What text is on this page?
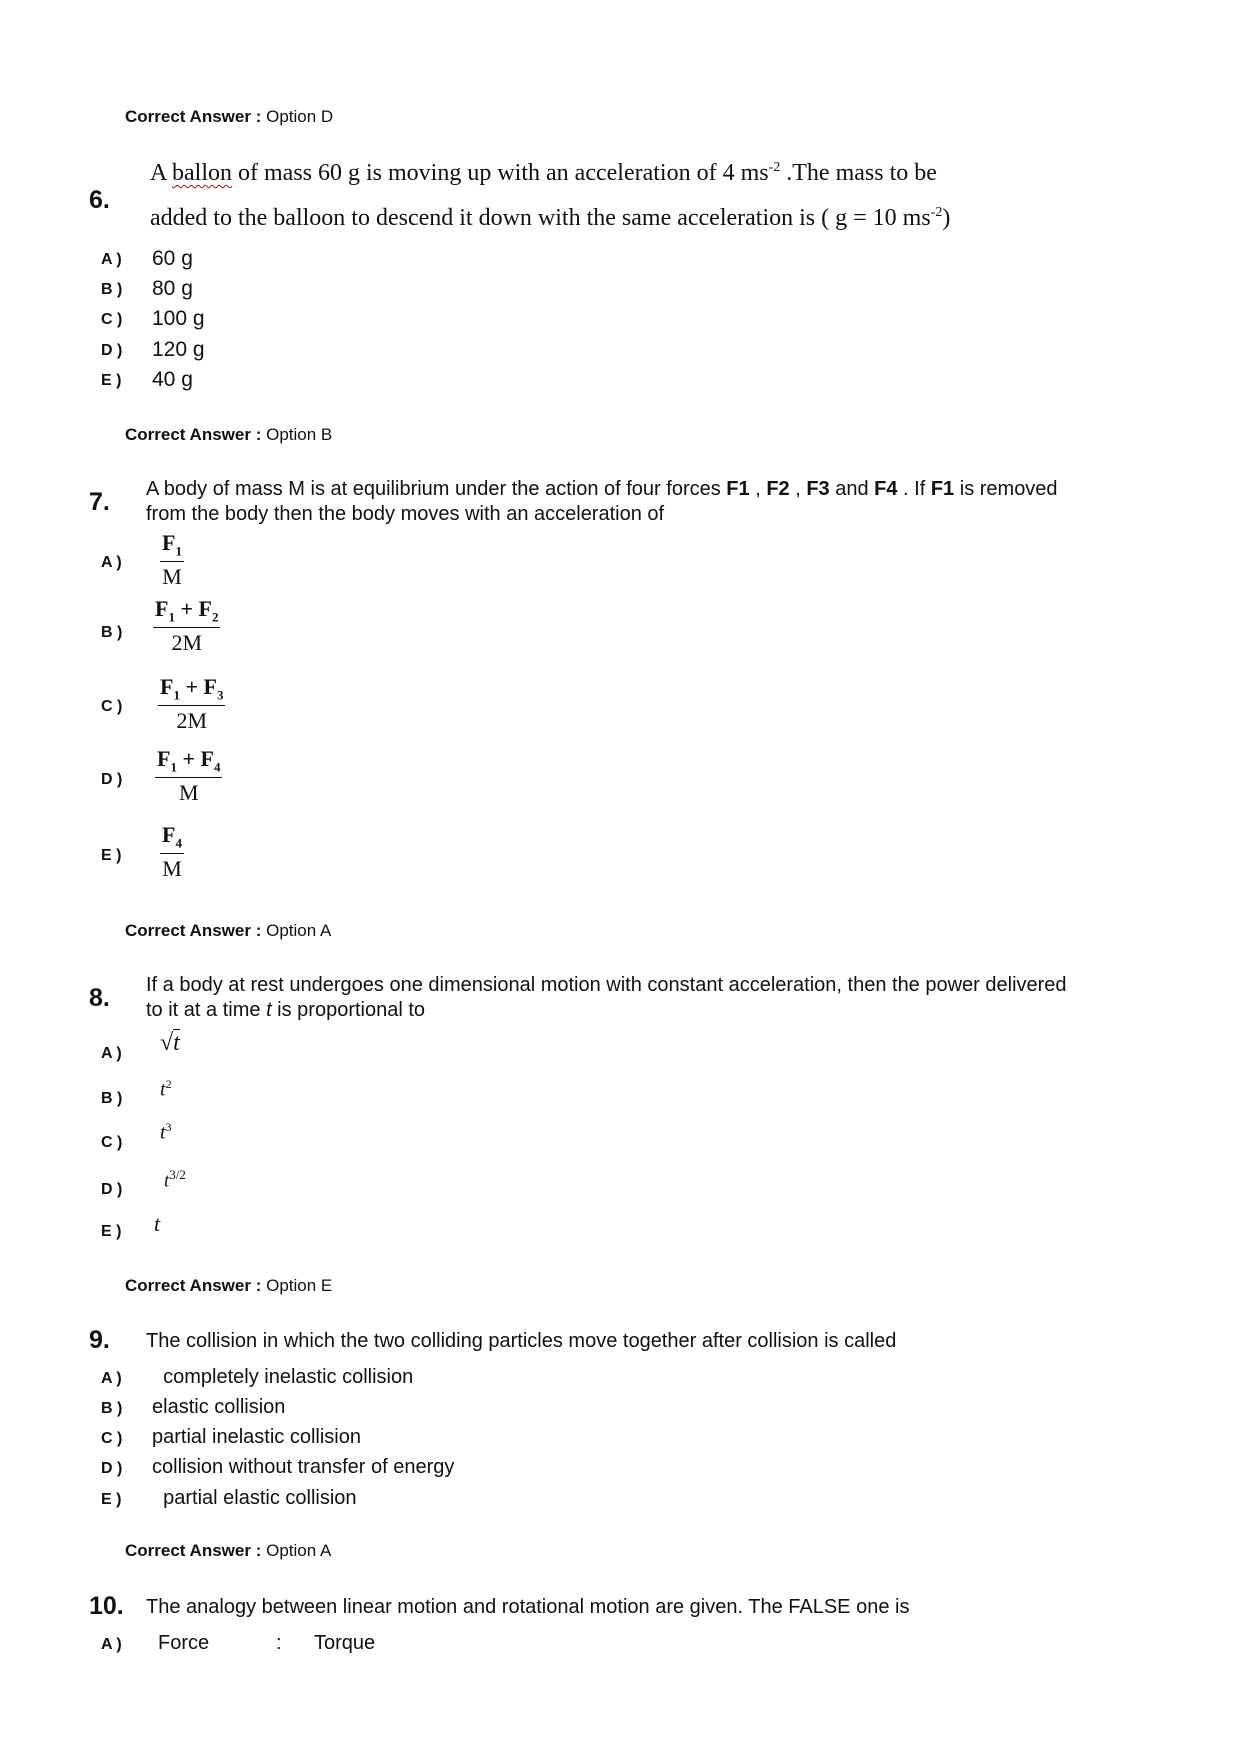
Correct Answer : Option D
6.
A ballon of mass 60 g is moving up with an acceleration of 4 $ms^{-2}$ .The mass to be
added to the balloon to descend it down with the same acceleration is ( g = 10 $ms^{-2}$)
A ) 60 g
B ) 80 g
C ) 100 g
D ) 120 g
E ) 40 g
Correct Answer : Option B
7. A body of mass M is at equilibrium under the action of four forces F1 , F2 , F3 and F4 . If F1 is removed
from the body then the body moves with an acceleration of
A ) $\frac{F_1}{M}$
B ) $\frac{F_1 + F_2}{2M}$
C ) $\frac{F_1 + F_3}{2M}$
D ) $\frac{F_1 + F_4}{M}$
E ) $\frac{F_4}{M}$
Correct Answer : Option A
8. If a body at rest undergoes one dimensional motion with constant acceleration, then the power delivered
to it at a time t is proportional to
A ) √t
B ) $t^2$
C ) $t^3$
D ) $t^{3/2}$
E ) t
Correct Answer : Option E
9. The collision in which the two colliding particles move together after collision is called
A ) completely inelastic collision
B ) elastic collision
C ) partial inelastic collision
D ) collision without transfer of energy
E ) partial elastic collision
Correct Answer : Option A
10. The analogy between linear motion and rotational motion are given. The FALSE one is
A ) Force	: Torque
